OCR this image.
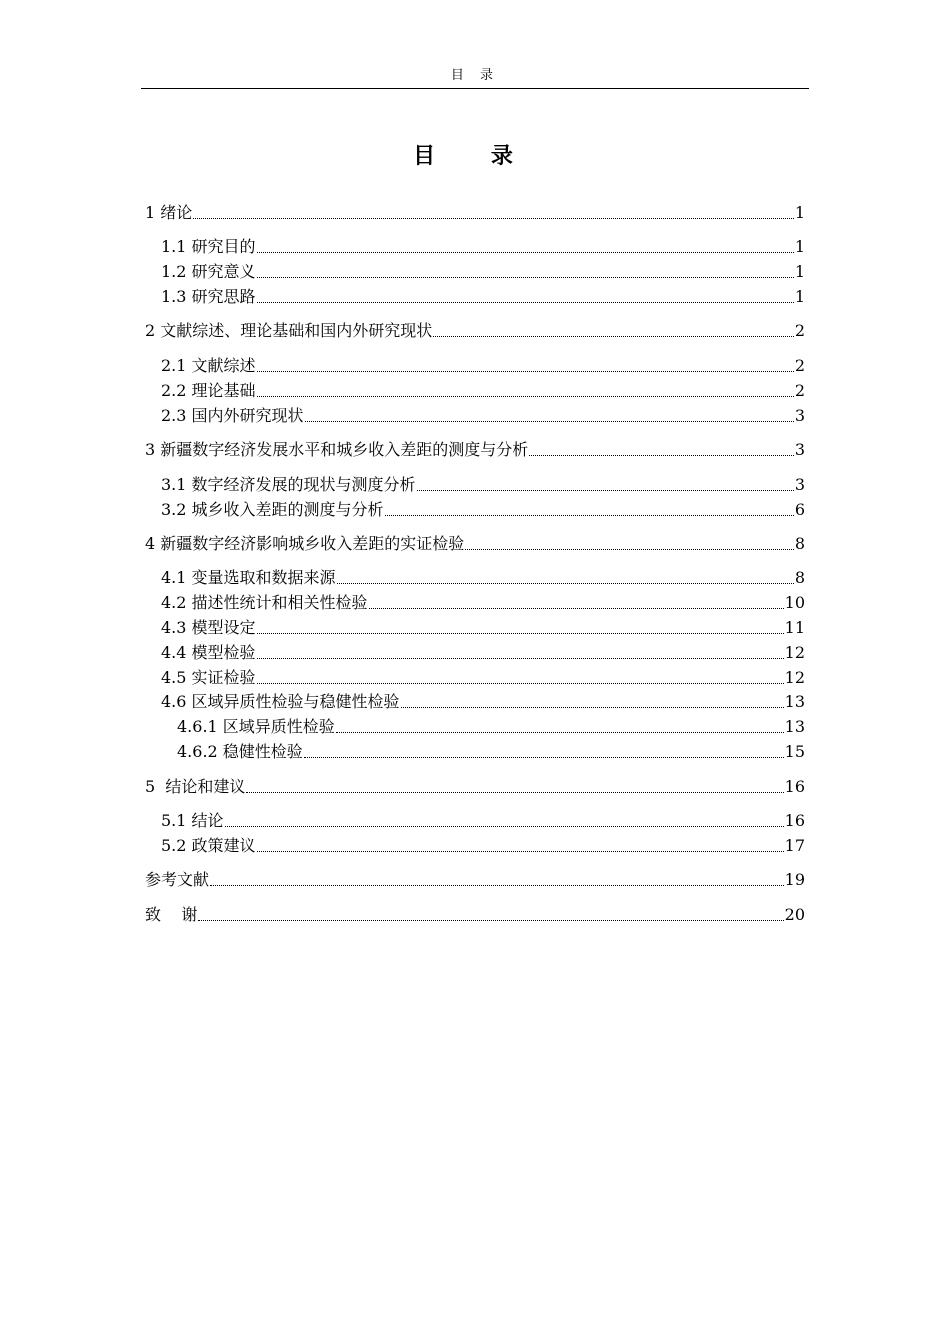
目 录
目 录
1 绪论	1
1.1 研究目的	1
1.2 研究意义	1
1.3 研究思路	1
2 文献综述、理论基础和国内外研究现状	2
2.1 文献综述	2
2.2 理论基础	2
2.3 国内外研究现状	3
3 新疆数字经济发展水平和城乡收入差距的测度与分析	3
3.1 数字经济发展的现状与测度分析	3
3.2 城乡收入差距的测度与分析	6
4 新疆数字经济影响城乡收入差距的实证检验	8
4.1 变量选取和数据来源	8
4.2 描述性统计和相关性检验	10
4.3 模型设定	11
4.4 模型检验	12
4.5 实证检验	12
4.6 区域异质性检验与稳健性检验	13
4.6.1 区域异质性检验	13
4.6.2 稳健性检验	15
5  结论和建议	16
5.1 结论	16
5.2 政策建议	17
参考文献	19
致    谢	20
